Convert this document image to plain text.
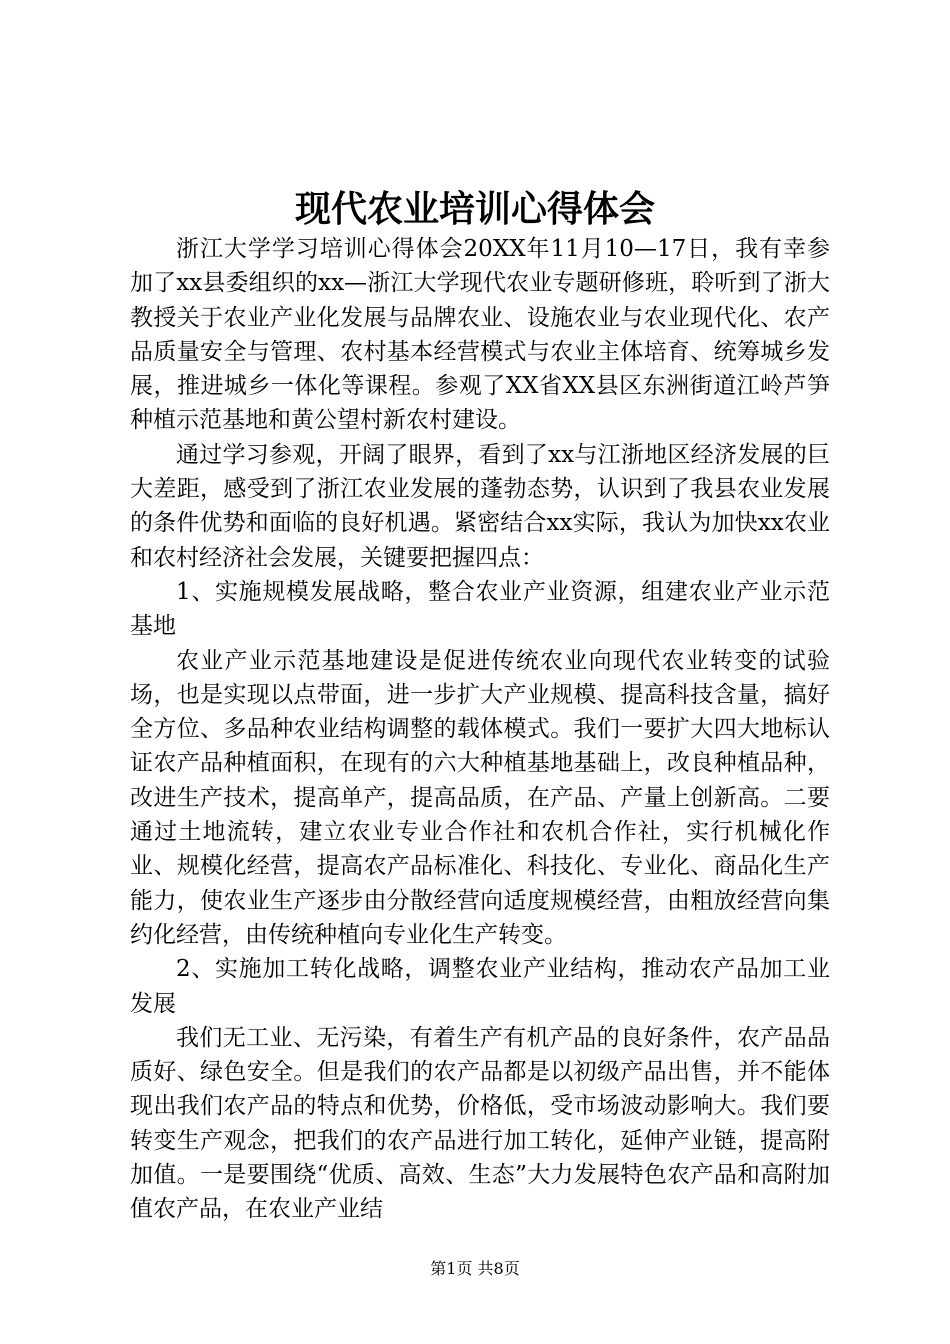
现代农业培训心得体会

浙江大学学习培训心得体会20XX年11月10—17日，我有幸参加了xx县委组织的xx—浙江大学现代农业专题研修班，聆听到了浙大教授关于农业产业化发展与品牌农业、设施农业与农业现代化、农产品质量安全与管理、农村基本经营模式与农业主体培育、统筹城乡发展，推进城乡一体化等课程。参观了XX省XX县区东洲街道江岭芦笋种植示范基地和黄公望村新农村建设。

通过学习参观，开阔了眼界，看到了xx与江浙地区经济发展的巨大差距，感受到了浙江农业发展的蓬勃态势，认识到了我县农业发展的条件优势和面临的良好机遇。紧密结合xx实际，我认为加快xx农业和农村经济社会发展，关键要把握四点：

1、实施规模发展战略，整合农业产业资源，组建农业产业示范基地

农业产业示范基地建设是促进传统农业向现代农业转变的试验场，也是实现以点带面，进一步扩大产业规模、提高科技含量，搞好全方位、多品种农业结构调整的载体模式。我们一要扩大四大地标认证农产品种植面积，在现有的六大种植基地基础上，改良种植品种，改进生产技术，提高单产，提高品质，在产品、产量上创新高。二要通过土地流转，建立农业专业合作社和农机合作社，实行机械化作业、规模化经营，提高农产品标准化、科技化、专业化、商品化生产能力，使农业生产逐步由分散经营向适度规模经营，由粗放经营向集约化经营，由传统种植向专业化生产转变。

2、实施加工转化战略，调整农业产业结构，推动农产品加工业发展

我们无工业、无污染，有着生产有机产品的良好条件，农产品品质好、绿色安全。但是我们的农产品都是以初级产品出售，并不能体现出我们农产品的特点和优势，价格低，受市场波动影响大。我们要转变生产观念，把我们的农产品进行加工转化，延伸产业链，提高附加值。一是要围绕“优质、高效、生态”大力发展特色农产品和高附加值农产品，在农业产业结

第1页 共8页
